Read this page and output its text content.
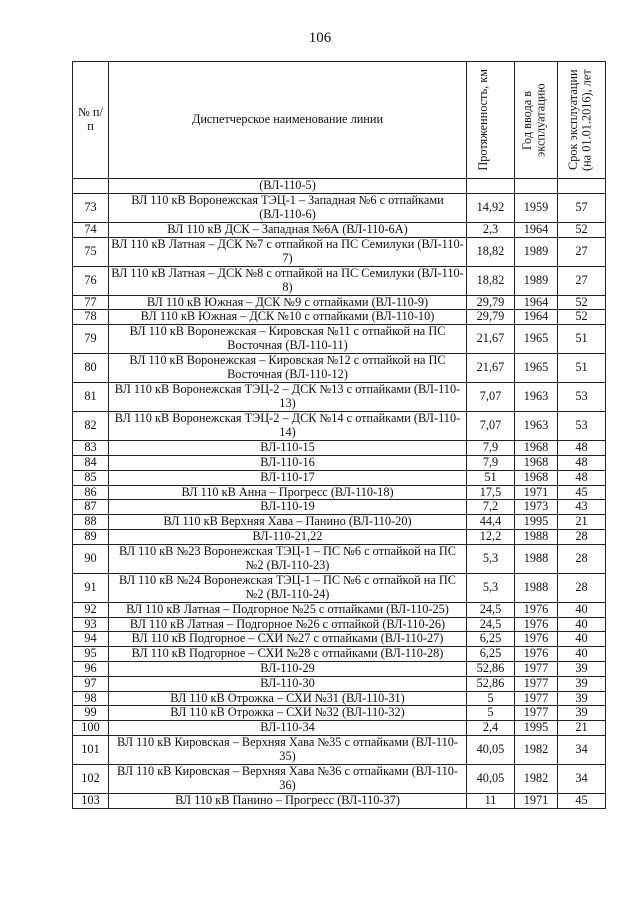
106
№ п/п	Диспетчерское наименование линии	Протяженность, км	Год ввода в эксплуатацию	Срок эксплуатации (на 01.01.2016), лет

	(ВЛ-110-5)			
73	ВЛ 110 кВ Воронежская ТЭЦ-1 – Западная №6 с отпайками (ВЛ-110-6)	14,92	1959	57
74	ВЛ 110 кВ ДСК – Западная №6А (ВЛ-110-6А)	2,3	1964	52
75	ВЛ 110 кВ Латная – ДСК №7 с отпайкой на ПС Семилуки (ВЛ-110-7)	18,82	1989	27
76	ВЛ 110 кВ Латная – ДСК №8 с отпайкой на ПС Семилуки (ВЛ-110-8)	18,82	1989	27
77	ВЛ 110 кВ Южная – ДСК №9 с отпайками (ВЛ-110-9)	29,79	1964	52
78	ВЛ 110 кВ Южная – ДСК №10 с отпайками (ВЛ-110-10)	29,79	1964	52
79	ВЛ 110 кВ Воронежская – Кировская №11 с отпайкой на ПС Восточная (ВЛ-110-11)	21,67	1965	51
80	ВЛ 110 кВ Воронежская – Кировская №12 с отпайкой на ПС Восточная (ВЛ-110-12)	21,67	1965	51
81	ВЛ 110 кВ Воронежская ТЭЦ-2 – ДСК №13 с отпайками (ВЛ-110-13)	7,07	1963	53
82	ВЛ 110 кВ Воронежская ТЭЦ-2 – ДСК №14 с отпайками (ВЛ-110-14)	7,07	1963	53
83	ВЛ-110-15	7,9	1968	48
84	ВЛ-110-16	7,9	1968	48
85	ВЛ-110-17	51	1968	48
86	ВЛ 110 кВ Анна – Прогресс (ВЛ-110-18)	17,5	1971	45
87	ВЛ-110-19	7,2	1973	43
88	ВЛ 110 кВ Верхняя Хава – Панино (ВЛ-110-20)	44,4	1995	21
89	ВЛ-110-21,22	12,2	1988	28
90	ВЛ 110 кВ №23 Воронежская ТЭЦ-1 – ПС №6 с отпайкой на ПС №2 (ВЛ-110-23)	5,3	1988	28
91	ВЛ 110 кВ №24 Воронежская ТЭЦ-1 – ПС №6 с отпайкой на ПС №2 (ВЛ-110-24)	5,3	1988	28
92	ВЛ 110 кВ Латная – Подгорное №25 с отпайками (ВЛ-110-25)	24,5	1976	40
93	ВЛ 110 кВ Латная – Подгорное №26 с отпайкой (ВЛ-110-26)	24,5	1976	40
94	ВЛ 110 кВ Подгорное – СХИ №27 с отпайками (ВЛ-110-27)	6,25	1976	40
95	ВЛ 110 кВ Подгорное – СХИ №28 с отпайками (ВЛ-110-28)	6,25	1976	40
96	ВЛ-110-29	52,86	1977	39
97	ВЛ-110-30	52,86	1977	39
98	ВЛ 110 кВ Отрожка – СХИ №31 (ВЛ-110-31)	5	1977	39
99	ВЛ 110 кВ Отрожка – СХИ №32 (ВЛ-110-32)	5	1977	39
100	ВЛ-110-34	2,4	1995	21
101	ВЛ 110 кВ Кировская – Верхняя Хава №35 с отпайками (ВЛ-110-35)	40,05	1982	34
102	ВЛ 110 кВ Кировская – Верхняя Хава №36 с отпайками (ВЛ-110-36)	40,05	1982	34
103	ВЛ 110 кВ Панино – Прогресс (ВЛ-110-37)	11	1971	45
